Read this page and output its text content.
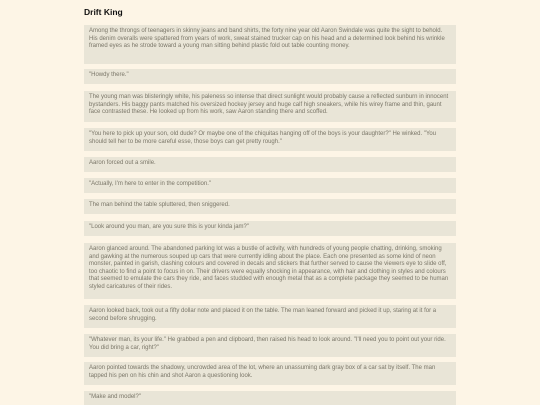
Drift King
Among the throngs of teenagers in skinny jeans and band shirts, the forty nine year old Aaron Swindale was quite the sight to behold. His denim overalls were spattered from years of work, sweat stained trucker cap on his head and a determined look behind his wrinkle framed eyes as he strode toward a young man sitting behind plastic fold out table counting money.
"Howdy there."
The young man was blisteringly white, his paleness so intense that direct sunlight would probably cause a reflected sunburn in innocent bystanders. His baggy pants matched his oversized hockey jersey and huge calf high sneakers, while his wirey frame and thin, gaunt face contrasted these. He looked up from his work, saw Aaron standing there and scoffed.
"You here to pick up your son, old dude? Or maybe one of the chiquitas hanging off of the boys is your daughter?" He winked. "You should tell her to be more careful esse, those boys can get pretty rough."
Aaron forced out a smile.
"Actually, I'm here to enter in the competition."
The man behind the table spluttered, then sniggered.
"Look around you man, are you sure this is your kinda jam?"
Aaron glanced around. The abandoned parking lot was a bustle of activity, with hundreds of young people chatting, drinking, smoking and gawking at the numerous souped up cars that were currently idling about the place. Each one presented as some kind of neon monster, painted in garish, clashing colours and covered in decals and stickers that further served to cause the viewers eye to slide off, too chaotic to find a point to focus in on. Their drivers were equally shocking in appearance, with hair and clothing in styles and colours that seemed to emulate the cars they ride, and faces studded with enough metal that as a complete package they seemed to be human styled caricatures of their rides.
Aaron looked back, took out a fifty dollar note and placed it on the table. The man leaned forward and picked it up, staring at it for a second before shrugging.
"Whatever man, its your life." He grabbed a pen and clipboard, then raised his head to look around. "I'll need you to point out your ride. You did bring a car, right?"
Aaron pointed towards the shadowy, uncrowded area of the lot, where an unassuming dark gray box of a car sat by itself. The man tapped his pen on his chin and shot Aaron a questioning look.
"Make and model?"
